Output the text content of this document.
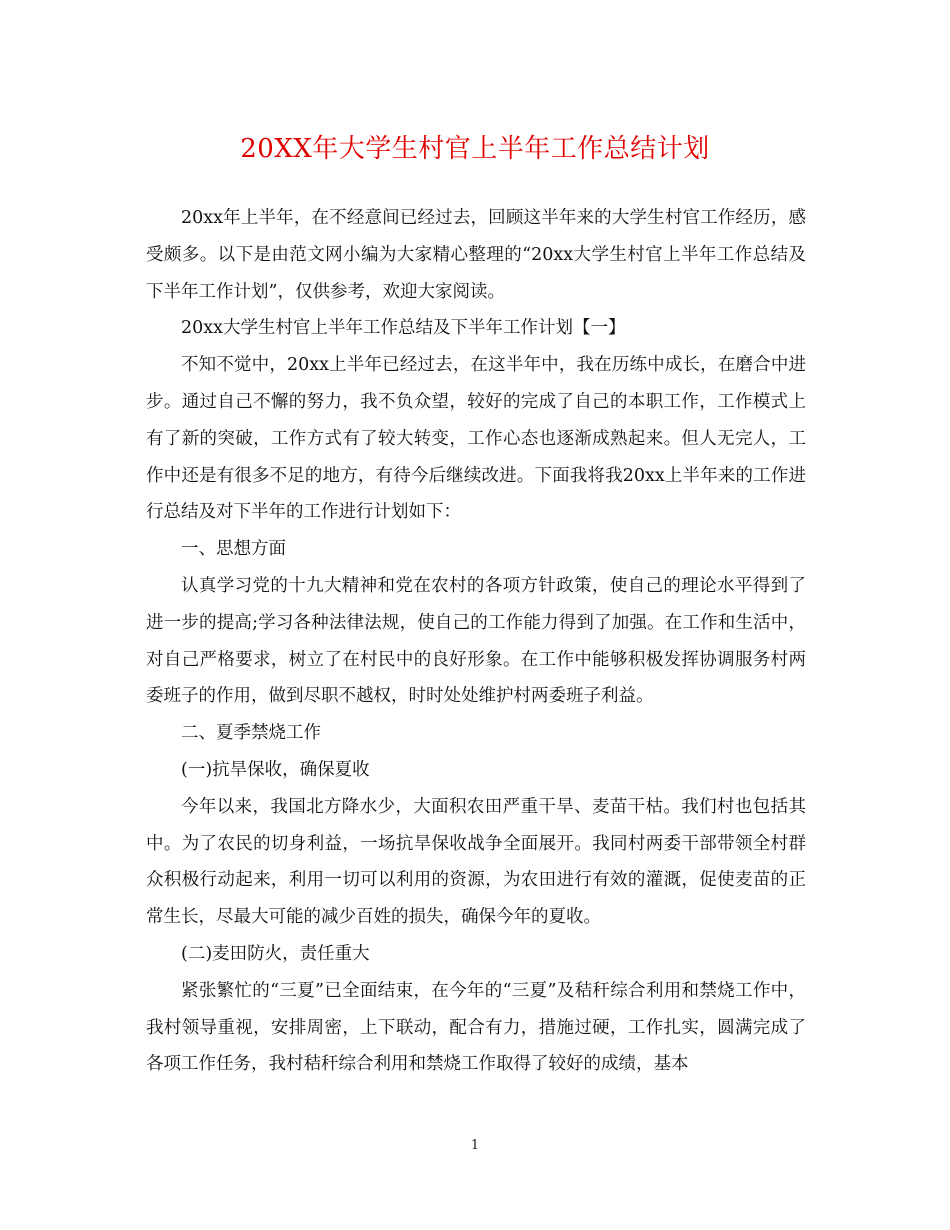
20XX年大学生村官上半年工作总结计划

20xx年上半年，在不经意间已经过去，回顾这半年来的大学生村官工作经历，感受颇多。以下是由范文网小编为大家精心整理的“20xx大学生村官上半年工作总结及下半年工作计划”，仅供参考，欢迎大家阅读。

20xx大学生村官上半年工作总结及下半年工作计划【一】

不知不觉中，20xx上半年已经过去，在这半年中，我在历练中成长，在磨合中进步。通过自己不懈的努力，我不负众望，较好的完成了自己的本职工作，工作模式上有了新的突破，工作方式有了较大转变，工作心态也逐渐成熟起来。但人无完人，工作中还是有很多不足的地方，有待今后继续改进。下面我将我20xx上半年来的工作进行总结及对下半年的工作进行计划如下：

一、思想方面

认真学习党的十九大精神和党在农村的各项方针政策，使自己的理论水平得到了进一步的提高;学习各种法律法规，使自己的工作能力得到了加强。在工作和生活中，对自己严格要求，树立了在村民中的良好形象。在工作中能够积极发挥协调服务村两委班子的作用，做到尽职不越权，时时处处维护村两委班子利益。

二、夏季禁烧工作

(一)抗旱保收，确保夏收

今年以来，我国北方降水少，大面积农田严重干旱、麦苗干枯。我们村也包括其中。为了农民的切身利益，一场抗旱保收战争全面展开。我同村两委干部带领全村群众积极行动起来，利用一切可以利用的资源，为农田进行有效的灌溉，促使麦苗的正常生长，尽最大可能的减少百姓的损失，确保今年的夏收。

(二)麦田防火，责任重大

紧张繁忙的“三夏”已全面结束，在今年的“三夏”及秸秆综合利用和禁烧工作中，我村领导重视，安排周密，上下联动，配合有力，措施过硬，工作扎实，圆满完成了各项工作任务，我村秸秆综合利用和禁烧工作取得了较好的成绩，基本

1
